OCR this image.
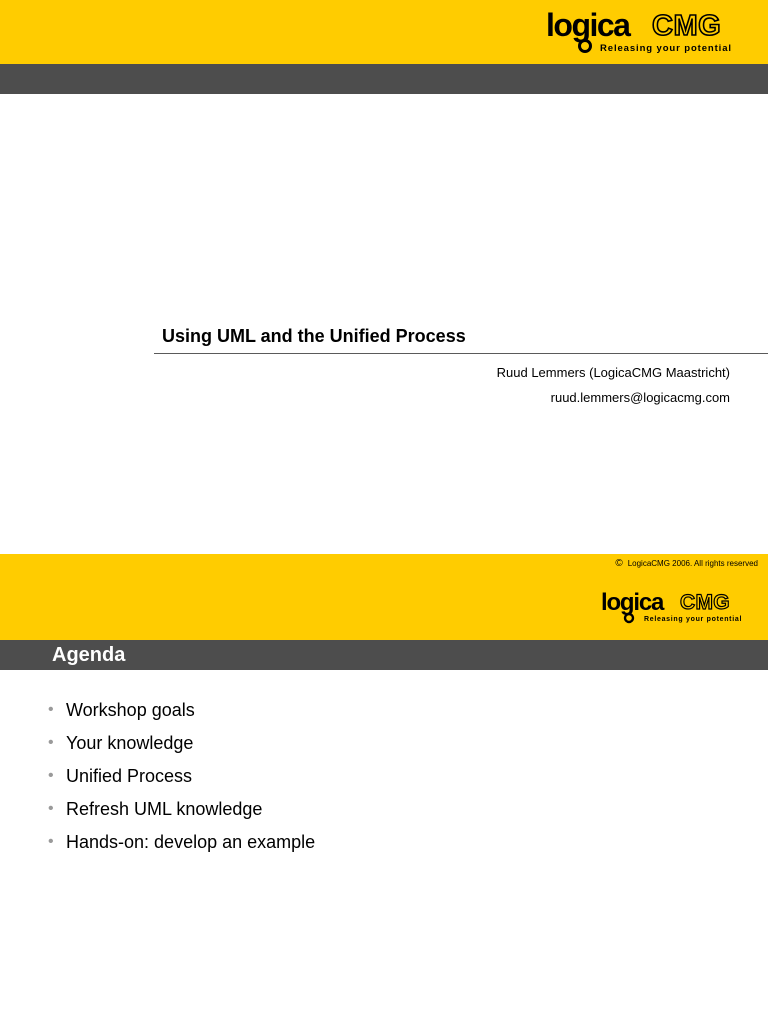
logica CMG
Releasing your potential
Using UML and the Unified Process
Ruud Lemmers (LogicaCMG Maastricht)
ruud.lemmers@logicacmg.com
logica CMG
Releasing your potential
© LogicaCMG 2006. All rights reserved
Agenda
• Workshop goals
• Your knowledge
• Unified Process
• Refresh UML knowledge
• Hands-on: develop an example
